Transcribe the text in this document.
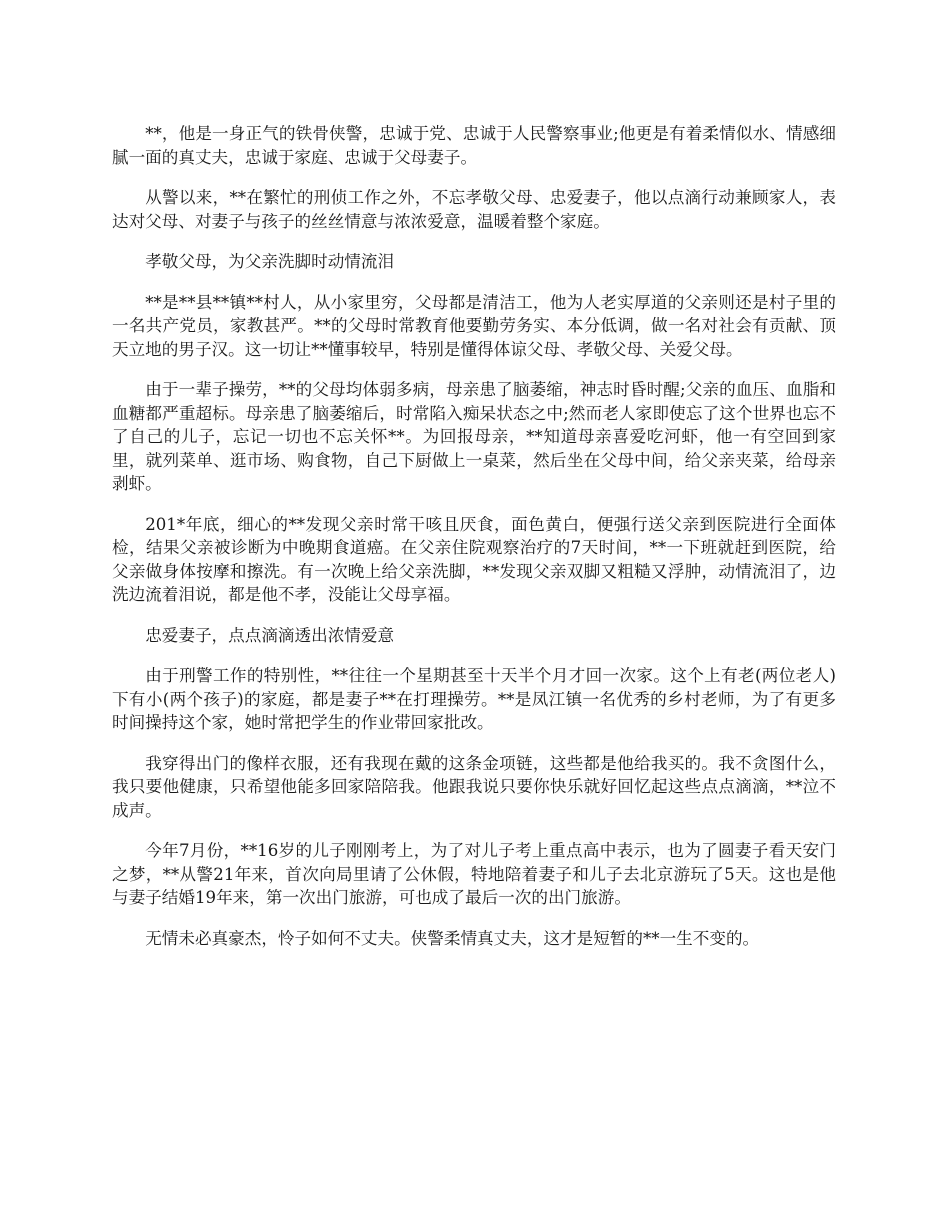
**，他是一身正气的铁骨侠警，忠诚于党、忠诚于人民警察事业;他更是有着柔情似水、情感细腻一面的真丈夫，忠诚于家庭、忠诚于父母妻子。

从警以来，**在繁忙的刑侦工作之外，不忘孝敬父母、忠爱妻子，他以点滴行动兼顾家人，表达对父母、对妻子与孩子的丝丝情意与浓浓爱意，温暖着整个家庭。

孝敬父母，为父亲洗脚时动情流泪

**是**县**镇**村人，从小家里穷，父母都是清洁工，他为人老实厚道的父亲则还是村子里的一名共产党员，家教甚严。**的父母时常教育他要勤劳务实、本分低调，做一名对社会有贡献、顶天立地的男子汉。这一切让**懂事较早，特别是懂得体谅父母、孝敬父母、关爱父母。

由于一辈子操劳，**的父母均体弱多病，母亲患了脑萎缩，神志时昏时醒;父亲的血压、血脂和血糖都严重超标。母亲患了脑萎缩后，时常陷入痴呆状态之中;然而老人家即使忘了这个世界也忘不了自己的儿子，忘记一切也不忘关怀**。为回报母亲，**知道母亲喜爱吃河虾，他一有空回到家里，就列菜单、逛市场、购食物，自己下厨做上一桌菜，然后坐在父母中间，给父亲夹菜，给母亲剥虾。

201*年底，细心的**发现父亲时常干咳且厌食，面色黄白，便强行送父亲到医院进行全面体检，结果父亲被诊断为中晚期食道癌。在父亲住院观察治疗的7天时间，**一下班就赶到医院，给父亲做身体按摩和擦洗。有一次晚上给父亲洗脚，**发现父亲双脚又粗糙又浮肿，动情流泪了，边洗边流着泪说，都是他不孝，没能让父母享福。

忠爱妻子，点点滴滴透出浓情爱意

由于刑警工作的特别性，**往往一个星期甚至十天半个月才回一次家。这个上有老(两位老人)下有小(两个孩子)的家庭，都是妻子**在打理操劳。**是凤江镇一名优秀的乡村老师，为了有更多时间操持这个家，她时常把学生的作业带回家批改。

我穿得出门的像样衣服，还有我现在戴的这条金项链，这些都是他给我买的。我不贪图什么，我只要他健康，只希望他能多回家陪陪我。他跟我说只要你快乐就好回忆起这些点点滴滴，**泣不成声。

今年7月份，**16岁的儿子刚刚考上，为了对儿子考上重点高中表示，也为了圆妻子看天安门之梦，**从警21年来，首次向局里请了公休假，特地陪着妻子和儿子去北京游玩了5天。这也是他与妻子结婚19年来，第一次出门旅游，可也成了最后一次的出门旅游。

无情未必真豪杰，怜子如何不丈夫。侠警柔情真丈夫，这才是短暂的**一生不变的。
